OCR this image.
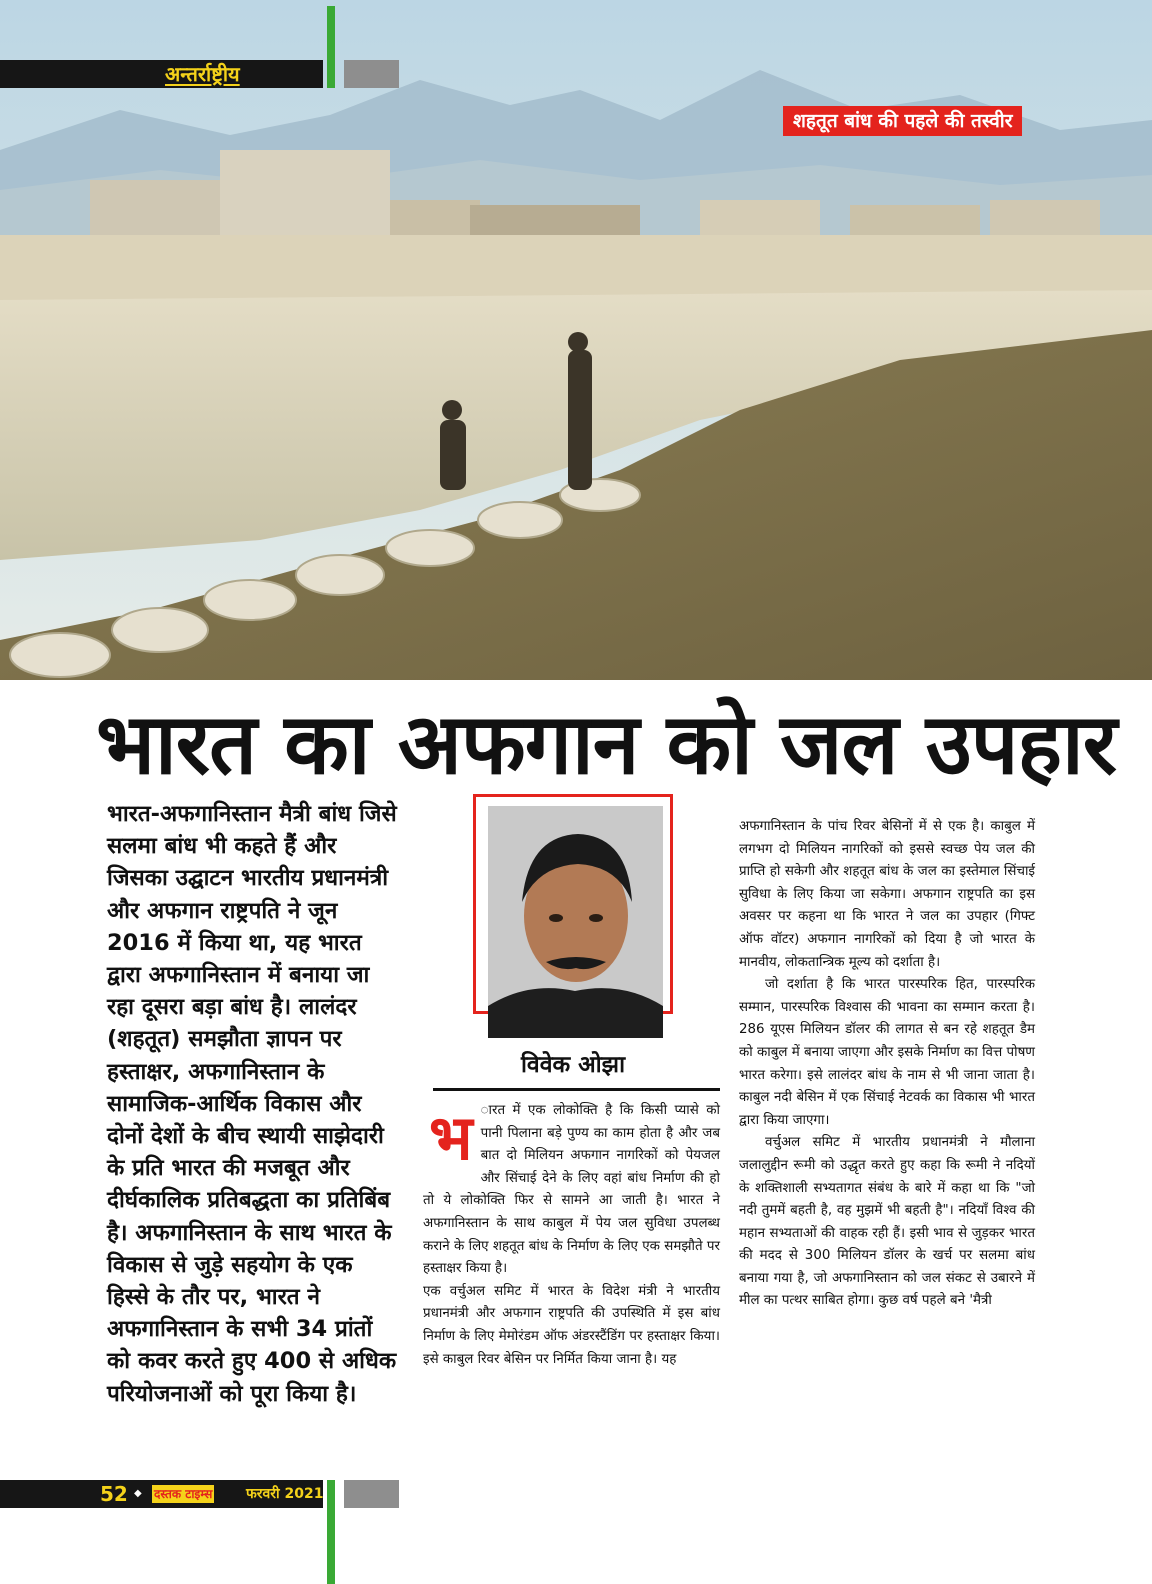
अन्तर्राष्ट्रीय
शहतूत बांध की पहले की तस्वीर
भारत का अफगान को जल उपहार
भारत-अफगानिस्तान मैत्री बांध जिसे सलमा बांध भी कहते हैं और जिसका उद्घाटन भारतीय प्रधानमंत्री और अफगान राष्ट्रपति ने जून 2016 में किया था, यह भारत द्वारा अफगानिस्तान में बनाया जा रहा दूसरा बड़ा बांध है। लालंदर (शहतूत) समझौता ज्ञापन पर हस्ताक्षर, अफगानिस्तान के सामाजिक-आर्थिक विकास और दोनों देशों के बीच स्थायी साझेदारी के प्रति भारत की मजबूत और दीर्घकालिक प्रतिबद्धता का प्रतिबिंब है। अफगानिस्तान के साथ भारत के विकास से जुड़े सहयोग के एक हिस्से के तौर पर, भारत ने अफगानिस्तान के सभी 34 प्रांतों को कवर करते हुए 400 से अधिक परियोजनाओं को पूरा किया है।
विवेक ओझा

भ ारत में एक लोकोक्ति है कि किसी प्यासे को पानी पिलाना बड़े पुण्य का काम होता है और जब बात दो मिलियन अफगान नागरिकों को पेयजल और सिंचाई देने के लिए वहां बांध निर्माण की हो तो ये लोकोक्ति फिर से सामने आ जाती है। भारत ने अफगानिस्तान के साथ काबुल में पेय जल सुविधा उपलब्ध कराने के लिए शहतूत बांध के निर्माण के लिए एक समझौते पर हस्ताक्षर किया है।

एक वर्चुअल समिट में भारत के विदेश मंत्री ने भारतीय प्रधानमंत्री और अफगान राष्ट्रपति की उपस्थिति में इस बांध निर्माण के लिए मेमोरंडम ऑफ अंडरस्टैंडिंग पर हस्ताक्षर किया। इसे काबुल रिवर बेसिन पर निर्मित किया जाना है। यह

अफगानिस्तान के पांच रिवर बेसिनों में से एक है। काबुल में लगभग दो मिलियन नागरिकों को इससे स्वच्छ पेय जल की प्राप्ति हो सकेगी और शहतूत बांध के जल का इस्तेमाल सिंचाई सुविधा के लिए किया जा सकेगा। अफगान राष्ट्रपति का इस अवसर पर कहना था कि भारत ने जल का उपहार (गिफ्ट ऑफ वॉटर) अफगान नागरिकों को दिया है जो भारत के मानवीय, लोकतान्त्रिक मूल्य को दर्शाता है।

जो दर्शाता है कि भारत पारस्परिक हित, पारस्परिक सम्मान, पारस्परिक विश्वास की भावना का सम्मान करता है। 286 यूएस मिलियन डॉलर की लागत से बन रहे शहतूत डैम को काबुल में बनाया जाएगा और इसके निर्माण का वित्त पोषण भारत करेगा। इसे लालंदर बांध के नाम से भी जाना जाता है। काबुल नदी बेसिन में एक सिंचाई नेटवर्क का विकास भी भारत द्वारा किया जाएगा।

वर्चुअल समिट में भारतीय प्रधानमंत्री ने मौलाना जलालुद्दीन रूमी को उद्धृत करते हुए कहा कि रूमी ने नदियों के शक्तिशाली सभ्यतागत संबंध के बारे में कहा था कि "जो नदी तुममें बहती है, वह मुझमें भी बहती है"। नदियाँ विश्व की महान सभ्यताओं की वाहक रही हैं। इसी भाव से जुड़कर भारत की मदद से 300 मिलियन डॉलर के खर्च पर सलमा बांध बनाया गया है, जो अफगानिस्तान को जल संकट से उबारने में मील का पत्थर साबित होगा। कुछ वर्ष पहले बने 'मैत्री

52 ◆ दस्तक टाइम्स फरवरी 2021
